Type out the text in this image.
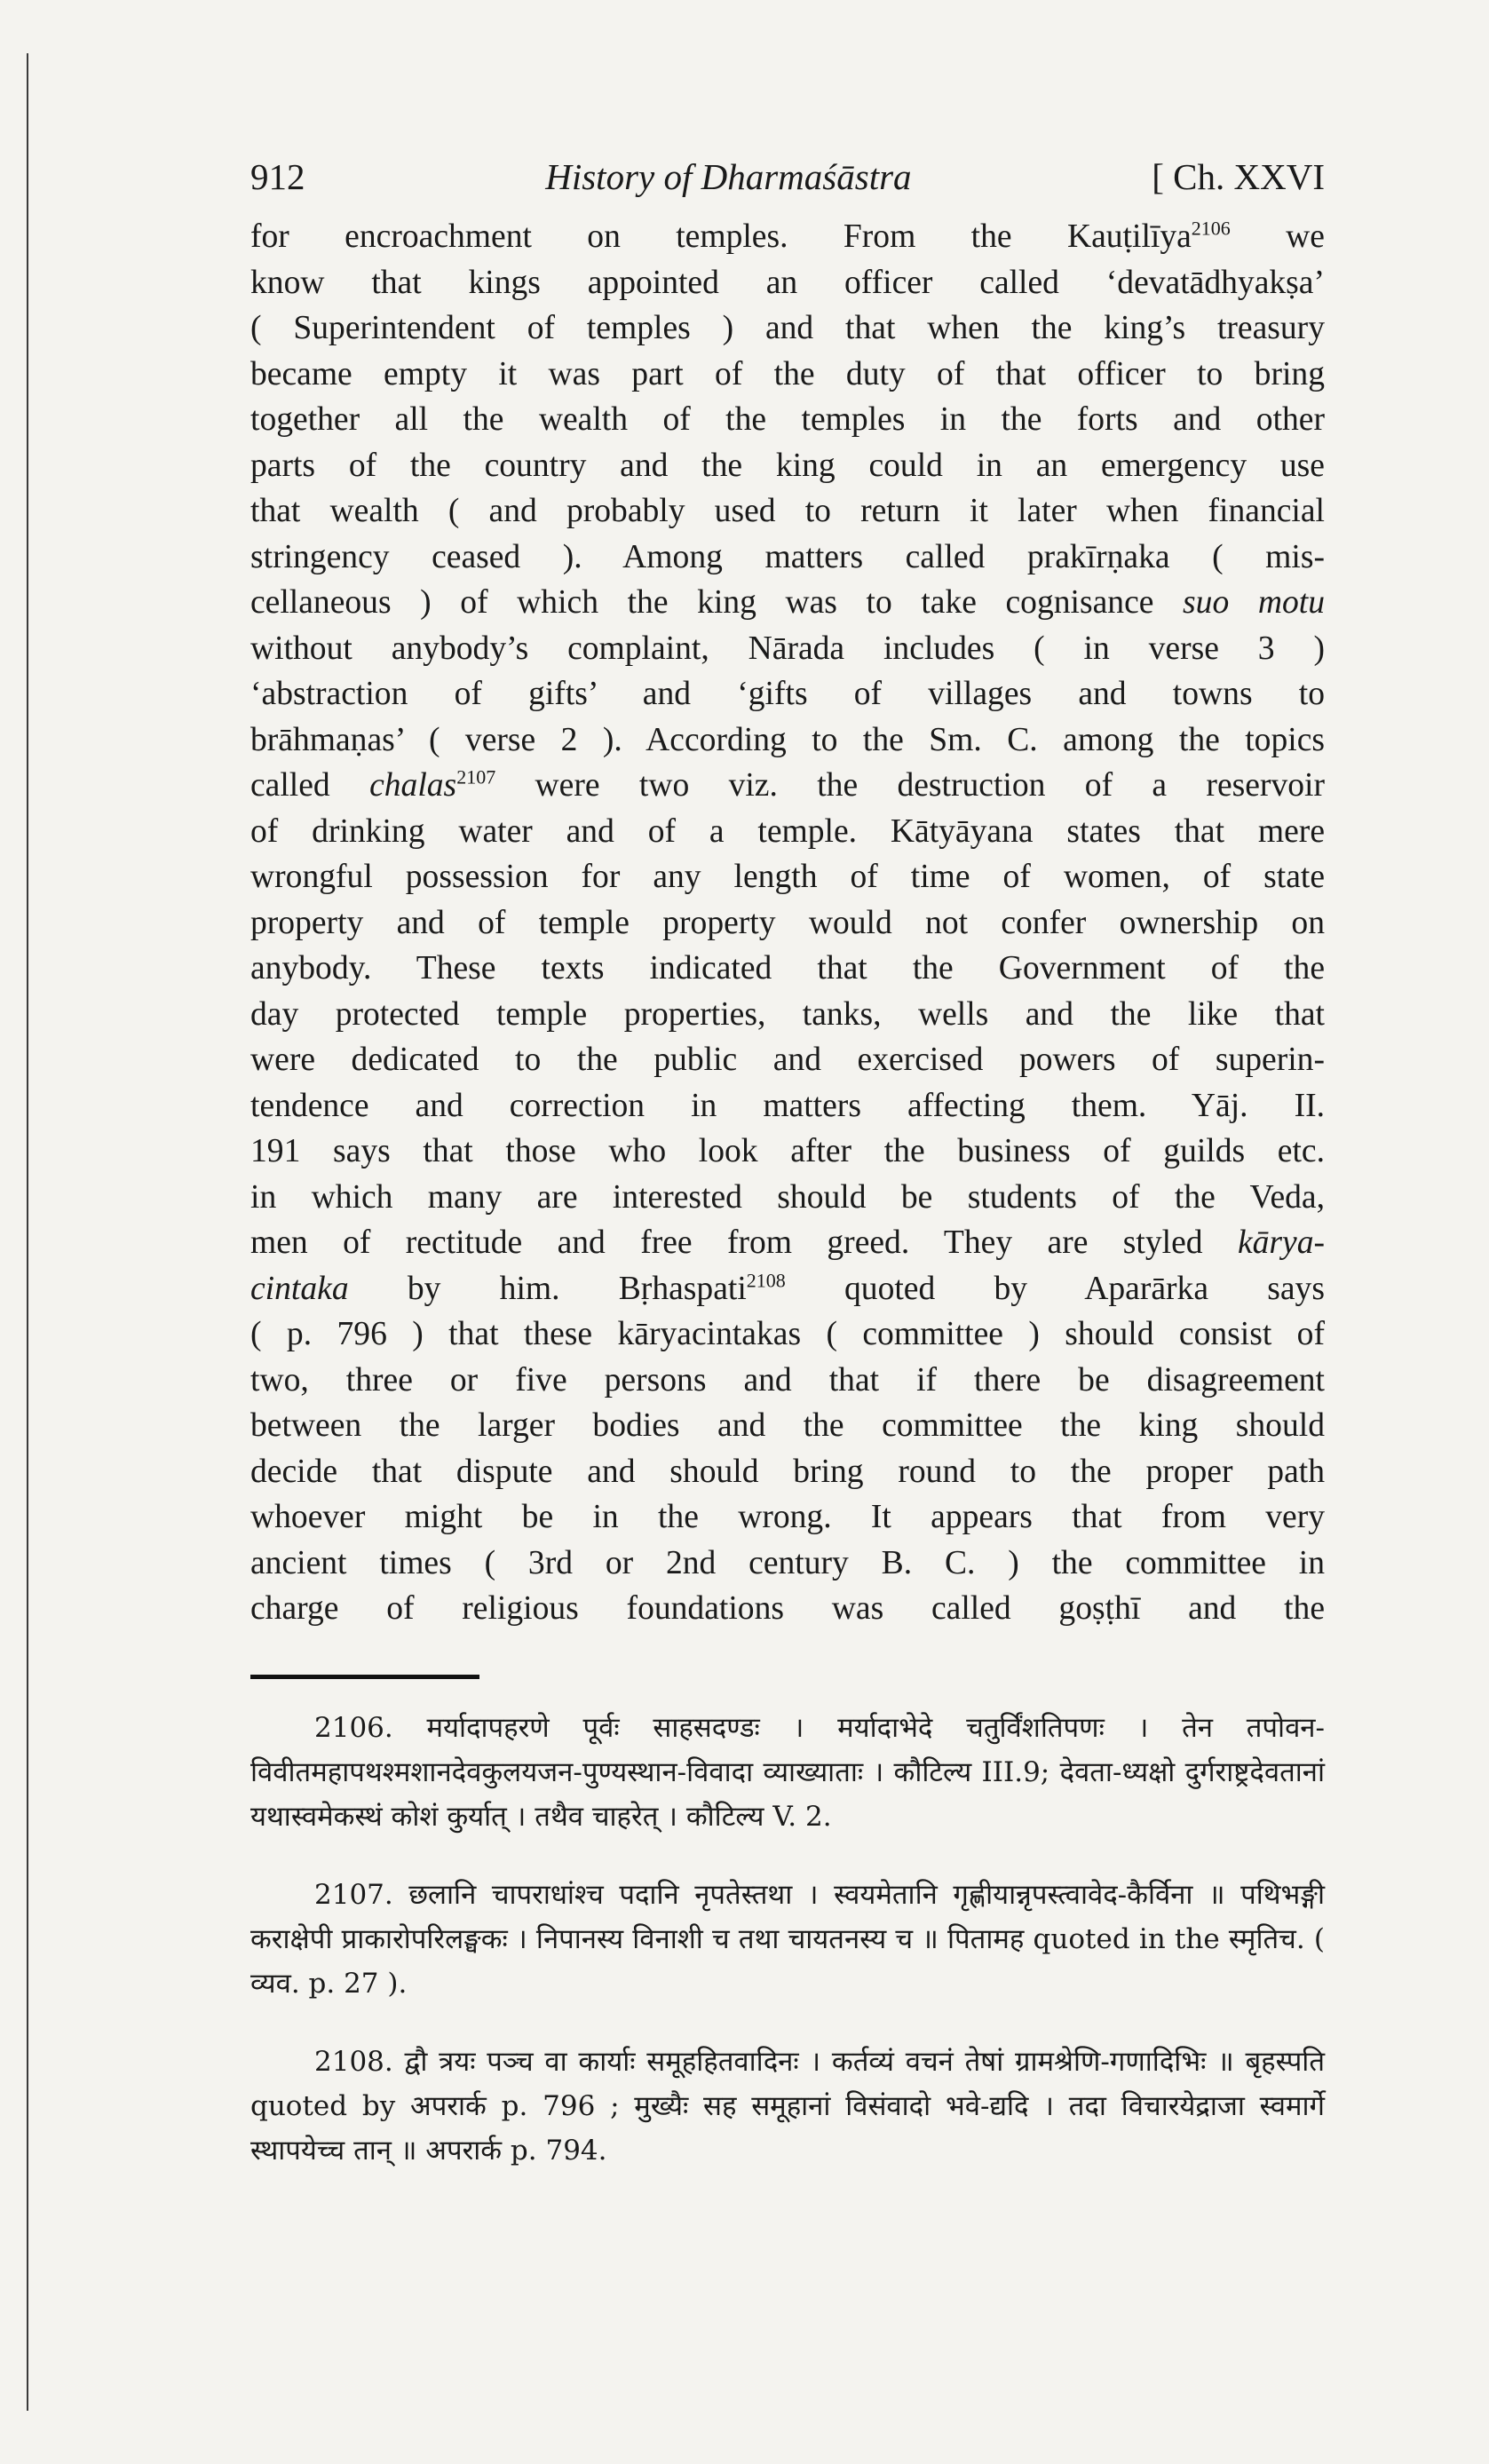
912	History of Dharmaśāstra	[ Ch. XXVI
for encroachment on temples. From the Kauṭilīya$^{2106}$ we
know that kings appointed an officer called ‘devatādhyakṣa’
( Superintendent of temples ) and that when the king’s treasury
became empty it was part of the duty of that officer to bring
together all the wealth of the temples in the forts and other
parts of the country and the king could in an emergency use
that wealth ( and probably used to return it later when financial
stringency ceased ). Among matters called prakīrṇaka ( mis-
cellaneous ) of which the king was to take cognisance suo motu
without anybody’s complaint, Nārada includes ( in verse 3 )
‘abstraction of gifts’ and ‘gifts of villages and towns to
brāhmaṇas’ ( verse 2 ). According to the Sm. C. among the topics
called chalas$^{2107}$ were two viz. the destruction of a reservoir
of drinking water and of a temple. Kātyāyana states that mere
wrongful possession for any length of time of women, of state
property and of temple property would not confer ownership on
anybody. These texts indicated that the Government of the
day protected temple properties, tanks, wells and the like that
were dedicated to the public and exercised powers of superin-
tendence and correction in matters affecting them. Yāj. II.
191 says that those who look after the business of guilds etc.
in which many are interested should be students of the Veda,
men of rectitude and free from greed. They are styled kārya-
cintaka by him. Bṛhaspati$^{2108}$ quoted by Aparārka says
( p. 796 ) that these kāryacintakas ( committee ) should consist of
two, three or five persons and that if there be disagreement
between the larger bodies and the committee the king should
decide that dispute and should bring round to the proper path
whoever might be in the wrong. It appears that from very
ancient times ( 3rd or 2nd century B. C. ) the committee in
charge of religious foundations was called goṣṭhī and the
2106. मर्यादापहरणे पूर्वः साहसदण्डः । मर्यादाभेदे चतुर्विंशतिपणः । तेन तपोवन-विवीतमहापथश्मशानदेवकुलयजन-पुण्यस्थान-विवादा व्याख्याताः । कौटिल्य III.9; देवता-ध्यक्षो दुर्गराष्ट्रदेवतानां यथास्वमेकस्थं कोशं कुर्यात् । तथैव चाहरेत् । कौटिल्य V. 2.
2107. छलानि चापराधांश्च पदानि नृपतेस्तथा । स्वयमेतानि गृह्णीयान्नृपस्त्वावेद-कैर्विना ॥ पथिभङ्गी कराक्षेपी प्राकारोपरिलङ्घकः । निपानस्य विनाशी च तथा चायतनस्य च ॥ पितामह quoted in the स्मृतिच. ( व्यव. p. 27 ).
2108. द्वौ त्रयः पञ्च वा कार्याः समूहहितवादिनः । कर्तव्यं वचनं तेषां ग्रामश्रेणि-गणादिभिः ॥ बृहस्पति quoted by अपरार्क p. 796 ; मुख्यैः सह समूहानां विसंवादो भवे-द्यदि । तदा विचारयेद्राजा स्वमार्गे स्थापयेच्च तान् ॥ अपरार्क p. 794.
